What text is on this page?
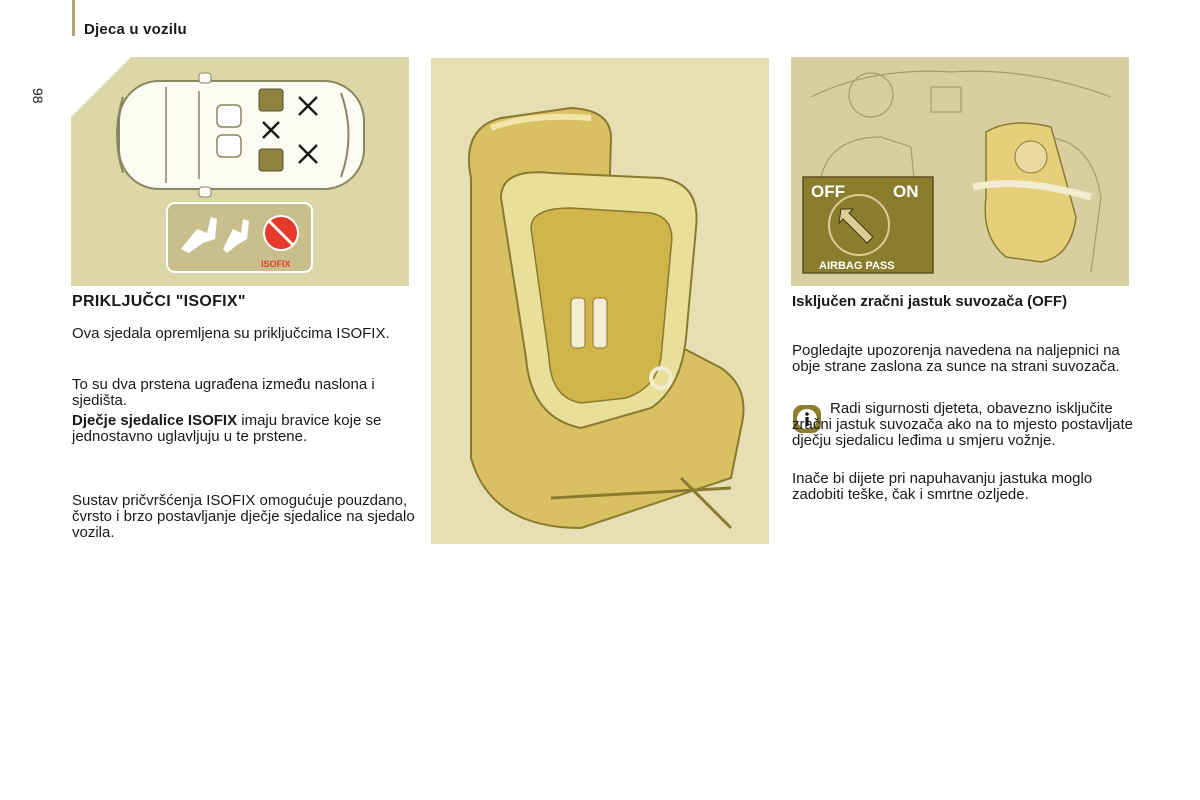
Djeca u vozilu
98
ISOFIX
OFF	ON
AIRBAG PASS
PRIKLJUČCI "ISOFIX"

Ova sjedala opremljena su priključcima ISOFIX.

To su dva prstena ugrađena između naslona i sjedišta.

Dječje sjedalice ISOFIX imaju bravice koje se jednostavno uglavljuju u te prstene.

Sustav pričvršćenja ISOFIX omogućuje pouzdano, čvrsto i brzo postavljanje dječje sjedalice na sjedalo vozila.

Isključen zračni jastuk suvozača (OFF)

Pogledajte upozorenja navedena na naljepnici na obje strane zaslona za sunce na strani suvozača.

Radi sigurnosti djeteta, obavezno isključite zračni jastuk suvozača ako na to mjesto postavljate dječju sjedalicu leđima u smjeru vožnje.

Inače bi dijete pri napuhavanju jastuka moglo zadobiti teške, čak i smrtne ozljede.
